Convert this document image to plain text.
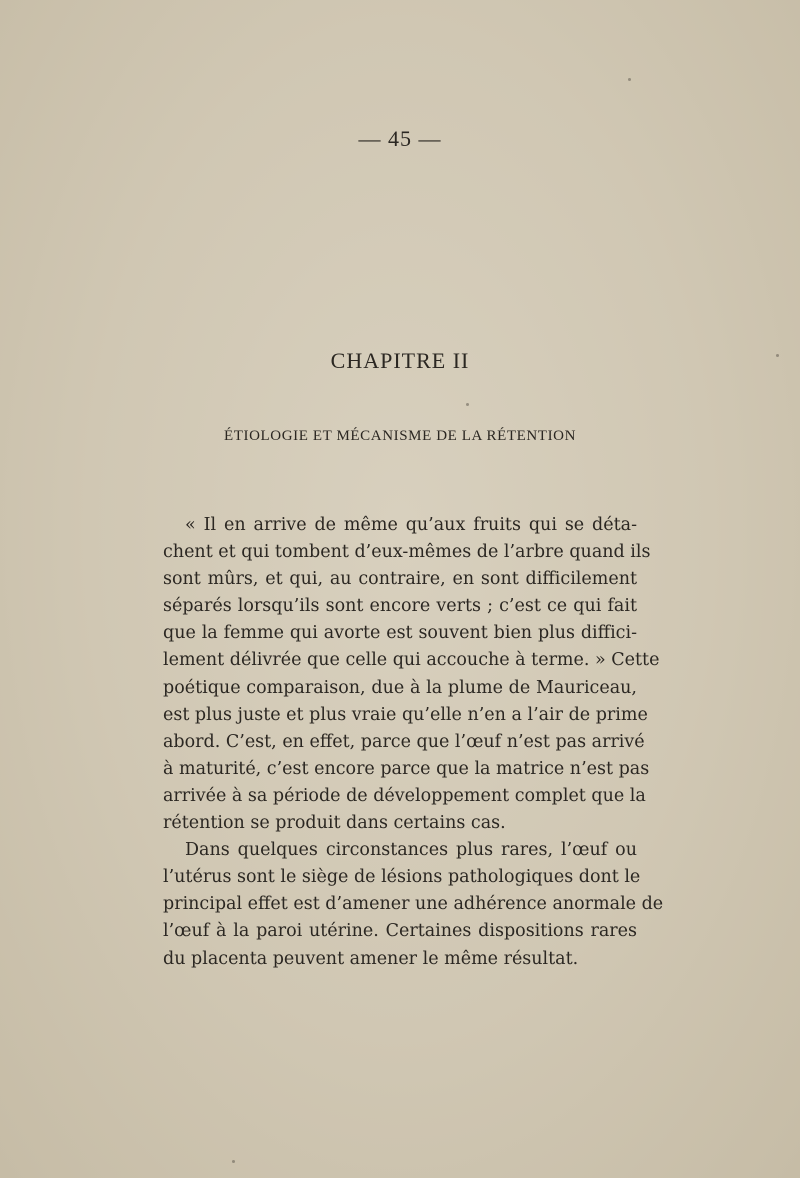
— 45 —
CHAPITRE II
ÉTIOLOGIE ET MÉCANISME DE LA RÉTENTION
« Il en arrive de même qu’aux fruits qui se déta-
chent et qui tombent d’eux-mêmes de l’arbre quand ils
sont mûrs, et qui, au contraire, en sont difficilement
séparés lorsqu’ils sont encore verts ; c’est ce qui fait
que la femme qui avorte est souvent bien plus diffici-
lement délivrée que celle qui accouche à terme. » Cette
poétique comparaison, due à la plume de Mauriceau,
est plus juste et plus vraie qu’elle n’en a l’air de prime
abord. C’est, en effet, parce que l’œuf n’est pas arrivé
à maturité, c’est encore parce que la matrice n’est pas
arrivée à sa période de développement complet que la
rétention se produit dans certains cas.
Dans quelques circonstances plus rares, l’œuf ou
l’utérus sont le siège de lésions pathologiques dont le
principal effet est d’amener une adhérence anormale de
l’œuf à la paroi utérine. Certaines dispositions rares
du placenta peuvent amener le même résultat.
